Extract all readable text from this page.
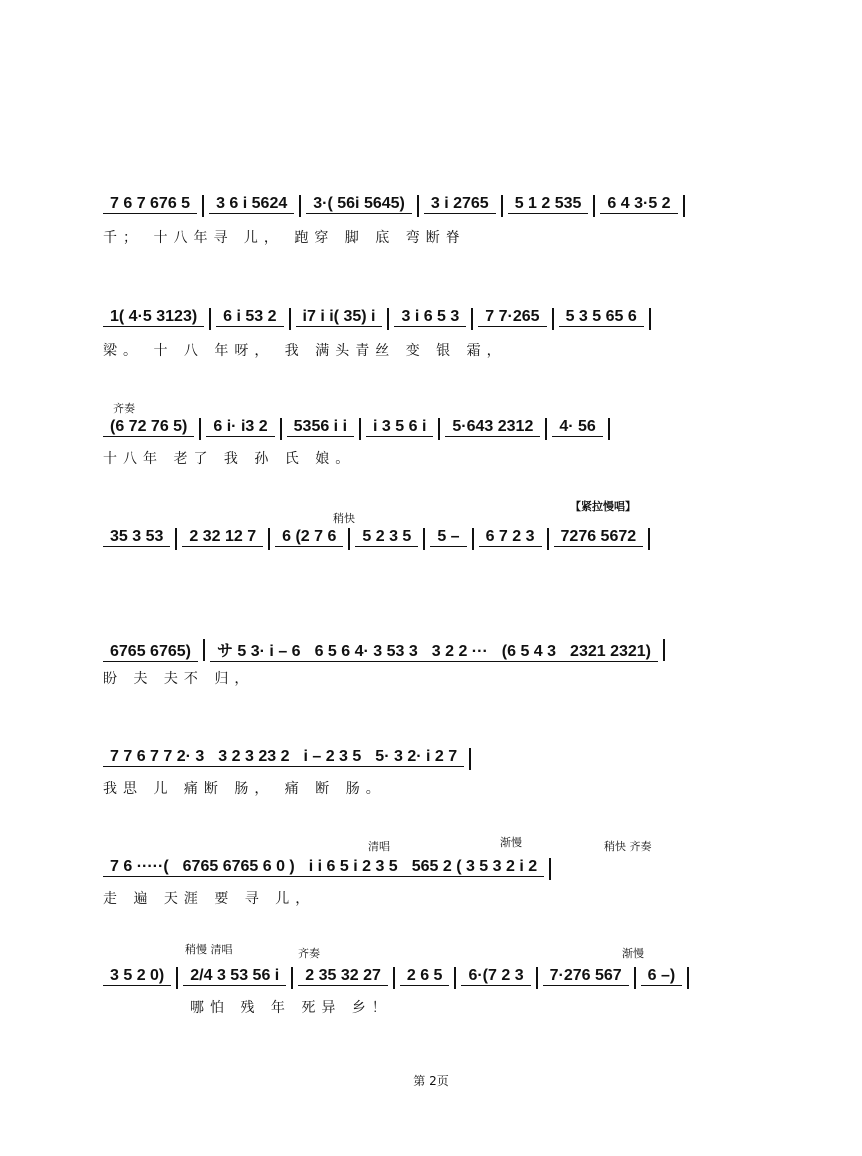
7 6 7 676 5	3 6 i 5624	3·( 56i 5645)	3 i 2765	5 1 2 535	6 4 3·5 2
千； 十八年寻 儿， 跑穿 脚 底 弯断脊
1( 4·5 3123)	6 i 53 2	i7 i i( 35) i	3 i 6 5 3	7 7·265	5 3 5 65 6
梁。 十 八 年呀， 我 满头青丝 变 银 霜，
齐奏
(6 72 76 5)	6 i· i3 2	5356 i i	i 3 5 6 i	5·643 2312	4· 56
十八年 老了 我 孙 氏 娘。
稍快
【紧拉慢唱】
35 3 53	2 32 12 7	6 (2 7 6	5 2 3 5	5 –	6 7 2 3	7276 5672
6765 6765)	サ 5 3· i – 6 6 5 6 4· 3 53 3 3 2 2 ··· (6 5 4 3 2321 2321)
盼 夫 夫不 归，
7 7 6 7 7 2· 3 3 2 3 23 2 i – 2 3 5 5· 3 2· i 2 7
我思 儿 痛断 肠， 痛 断 肠。
清唱	渐慢	稍快 齐奏
7 6 ·····( 6765 6765 6 0 ) i i 6 5 i 2 3 5 565 2 ( 3 5 3 2 i 2
走 遍 天涯 要 寻 儿，
稍慢 清唱	齐奏	渐慢
3 5 2 0)	2/4 3 53 56 i	2 35 32 27	2 6 5	6·(7 2 3	7·276 567	6 –)
哪怕 残 年 死异 乡！
第 2页
